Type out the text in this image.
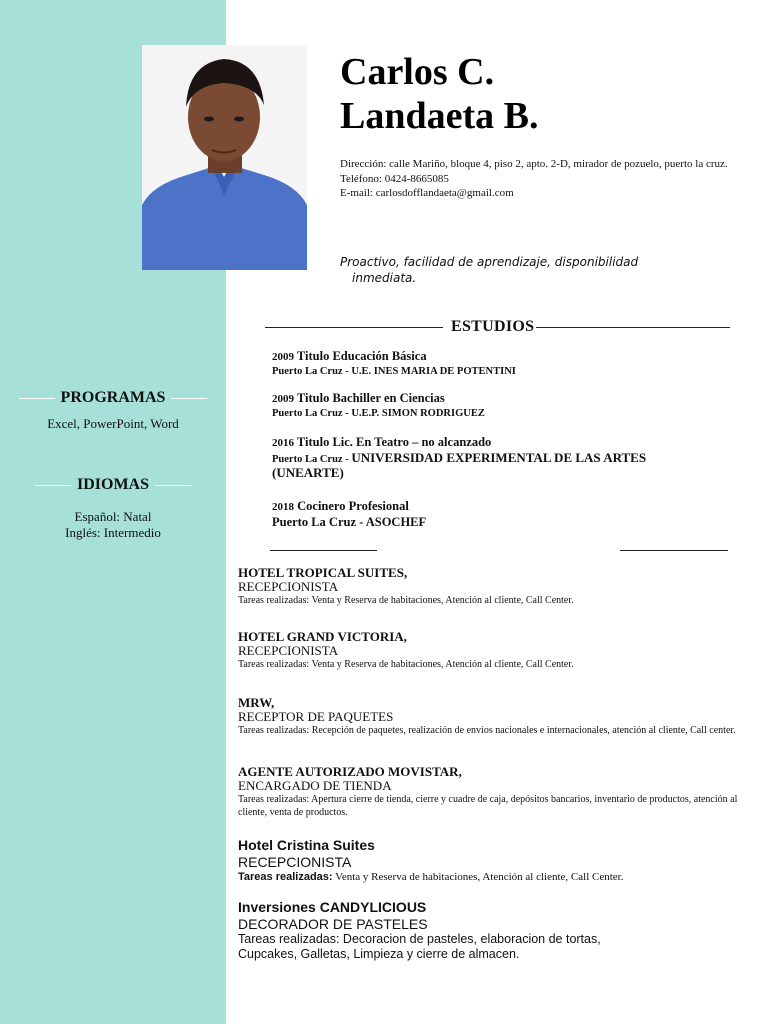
Carlos C.
Landaeta B.
Dirección: calle Mariño, bloque 4, piso 2, apto. 2-D, mirador de pozuelo, puerto la cruz.
Teléfono: 0424-8665085
E-mail: carlosdofflandaeta@gmail.com
Proactivo, facilidad de aprendizaje, disponibilidad
inmediata.
PROGRAMAS
Excel, PowerPoint, Word
IDIOMAS
Español: Natal
Inglés: Intermedio
ESTUDIOS
2009 Titulo Educación Básica
Puerto La Cruz - U.E. INES MARIA DE POTENTINI
2009 Titulo Bachiller en Ciencias
Puerto La Cruz - U.E.P. SIMON RODRIGUEZ
2016 Titulo Lic. En Teatro – no alcanzado
Puerto La Cruz - UNIVERSIDAD EXPERIMENTAL DE LAS ARTES
(UNEARTE)
2018 Cocinero Profesional
Puerto La Cruz - ASOCHEF
HOTEL TROPICAL SUITES,
RECEPCIONISTA
Tareas realizadas: Venta y Reserva de habitaciones, Atención al cliente, Call Center.
HOTEL GRAND VICTORIA,
RECEPCIONISTA
Tareas realizadas: Venta y Reserva de habitaciones, Atención al cliente, Call Center.
MRW,
RECEPTOR DE PAQUETES
Tareas realizadas: Recepción de paquetes, realización de envíos nacionales e internacionales, atención al cliente, Call center.
AGENTE AUTORIZADO MOVISTAR,
ENCARGADO DE TIENDA
Tareas realizadas: Apertura cierre de tienda, cierre y cuadre de caja, depósitos bancarios, inventario de productos, atención al cliente, venta de productos.
Hotel Cristina Suites
RECEPCIONISTA
Tareas realizadas: Venta y Reserva de habitaciones, Atención al cliente, Call Center.
Inversiones CANDYLICIOUS
DECORADOR DE PASTELES
Tareas realizadas: Decoracion de pasteles, elaboracion de tortas,
Cupcakes, Galletas, Limpieza y cierre de almacen.
